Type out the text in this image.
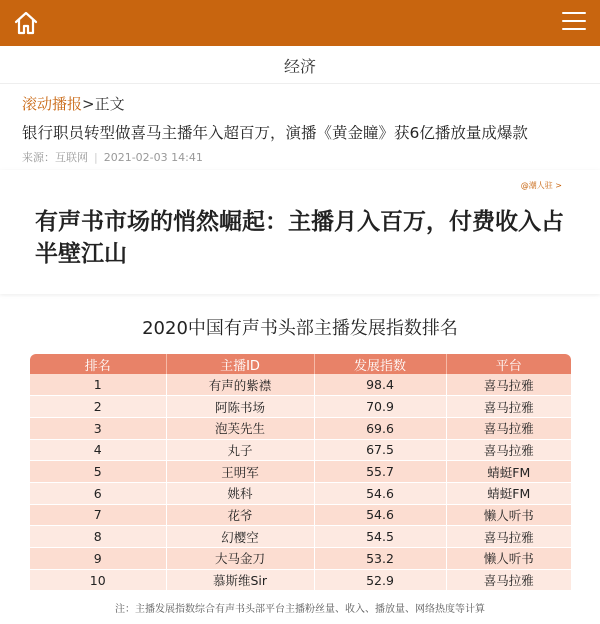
经济
滚动播报>正文
银行职员转型做喜马主播年入超百万，演播《黄金瞳》获6亿播放量成爆款
来源：互联网 | 2021-02-03 14:41
@潮人驻 >
有声书市场的悄然崛起：主播月入百万，付费收入占半壁江山
2020中国有声书头部主播发展指数排名
排名	主播ID	发展指数	平台
1	有声的紫襟	98.4	喜马拉雅
2	阿陈书场	70.9	喜马拉雅
3	泡芙先生	69.6	喜马拉雅
4	丸子	67.5	喜马拉雅
5	王明军	55.7	蜻蜓FM
6	姚科	54.6	蜻蜓FM
7	花爷	54.6	懒人听书
8	幻樱空	54.5	喜马拉雅
9	大马金刀	53.2	懒人听书
10	慕斯维Sir	52.9	喜马拉雅
注：主播发展指数综合有声书头部平台主播粉丝量、收入、播放量、网络热度等计算
